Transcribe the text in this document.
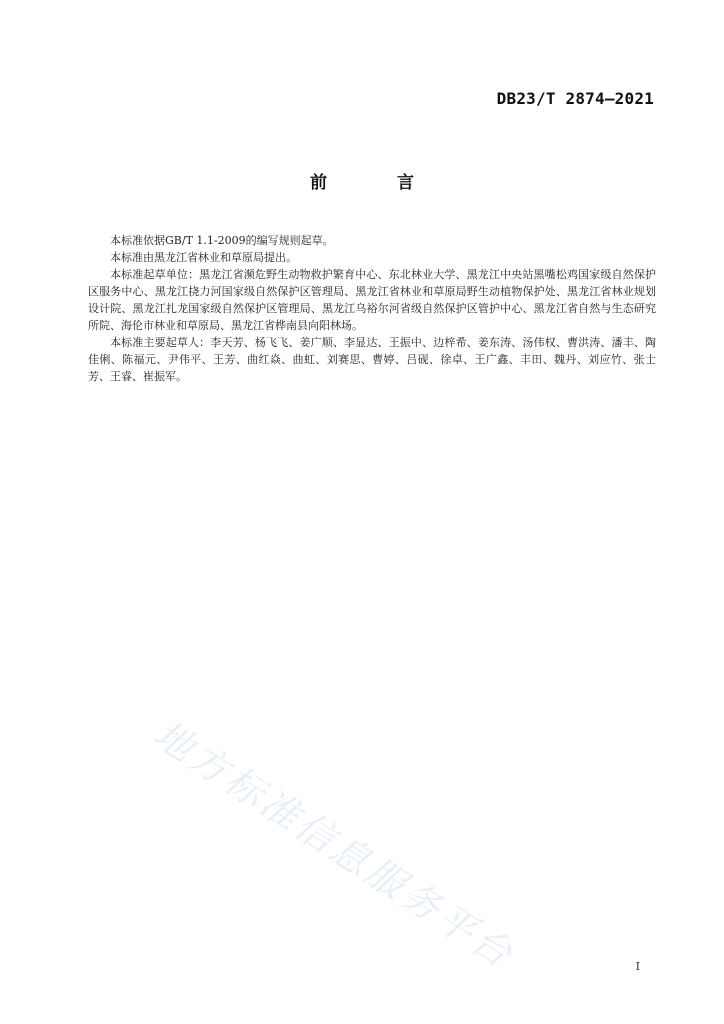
DB23/T 2874—2021
前 言

本标准依据GB/T 1.1-2009的编写规则起草。

本标准由黑龙江省林业和草原局提出。

本标准起草单位：黑龙江省濒危野生动物救护繁育中心、东北林业大学、黑龙江中央站黑嘴松鸡国家级自然保护区服务中心、黑龙江挠力河国家级自然保护区管理局、黑龙江省林业和草原局野生动植物保护处、黑龙江省林业规划设计院、黑龙江扎龙国家级自然保护区管理局、黑龙江乌裕尔河省级自然保护区管护中心、黑龙江省自然与生态研究所院、海伦市林业和草原局、黑龙江省桦南县向阳林场。

本标准主要起草人：李天芳、杨飞飞、姜广顺、李显达、王振中、边梓希、姜东涛、汤伟权、曹洪涛、潘丰、陶佳俐、陈福元、尹伟平、王芳、曲红焱、曲虹、刘赛思、曹婷、吕砚、徐卓、王广鑫、丰田、魏丹、刘应竹、张士芳、王睿、崔振军。

地方标准信息服务平台	I
